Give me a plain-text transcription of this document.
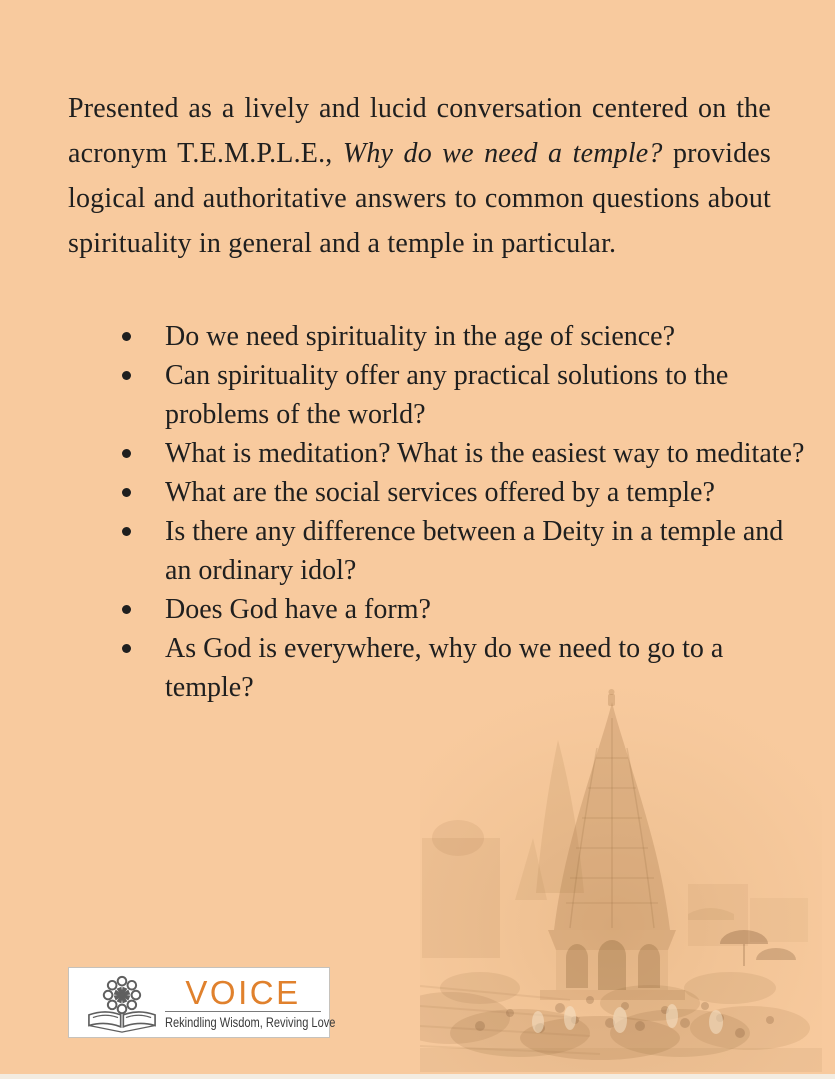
Presented as a lively and lucid conversation centered on the acronym T.E.M.P.L.E., Why do we need a temple? provides logical and authoritative answers to common questions about spirituality in general and a temple in particular.

Do we need spirituality in the age of science?
Can spirituality offer any practical solutions to the problems of the world?
What is meditation? What is the easiest way to meditate?
What are the social services offered by a temple?
Is there any difference between a Deity in a temple and an ordinary idol?
Does God have a form?
As God is everywhere, why do we need to go to a temple?
VOICE
Rekindling Wisdom, Reviving Love
